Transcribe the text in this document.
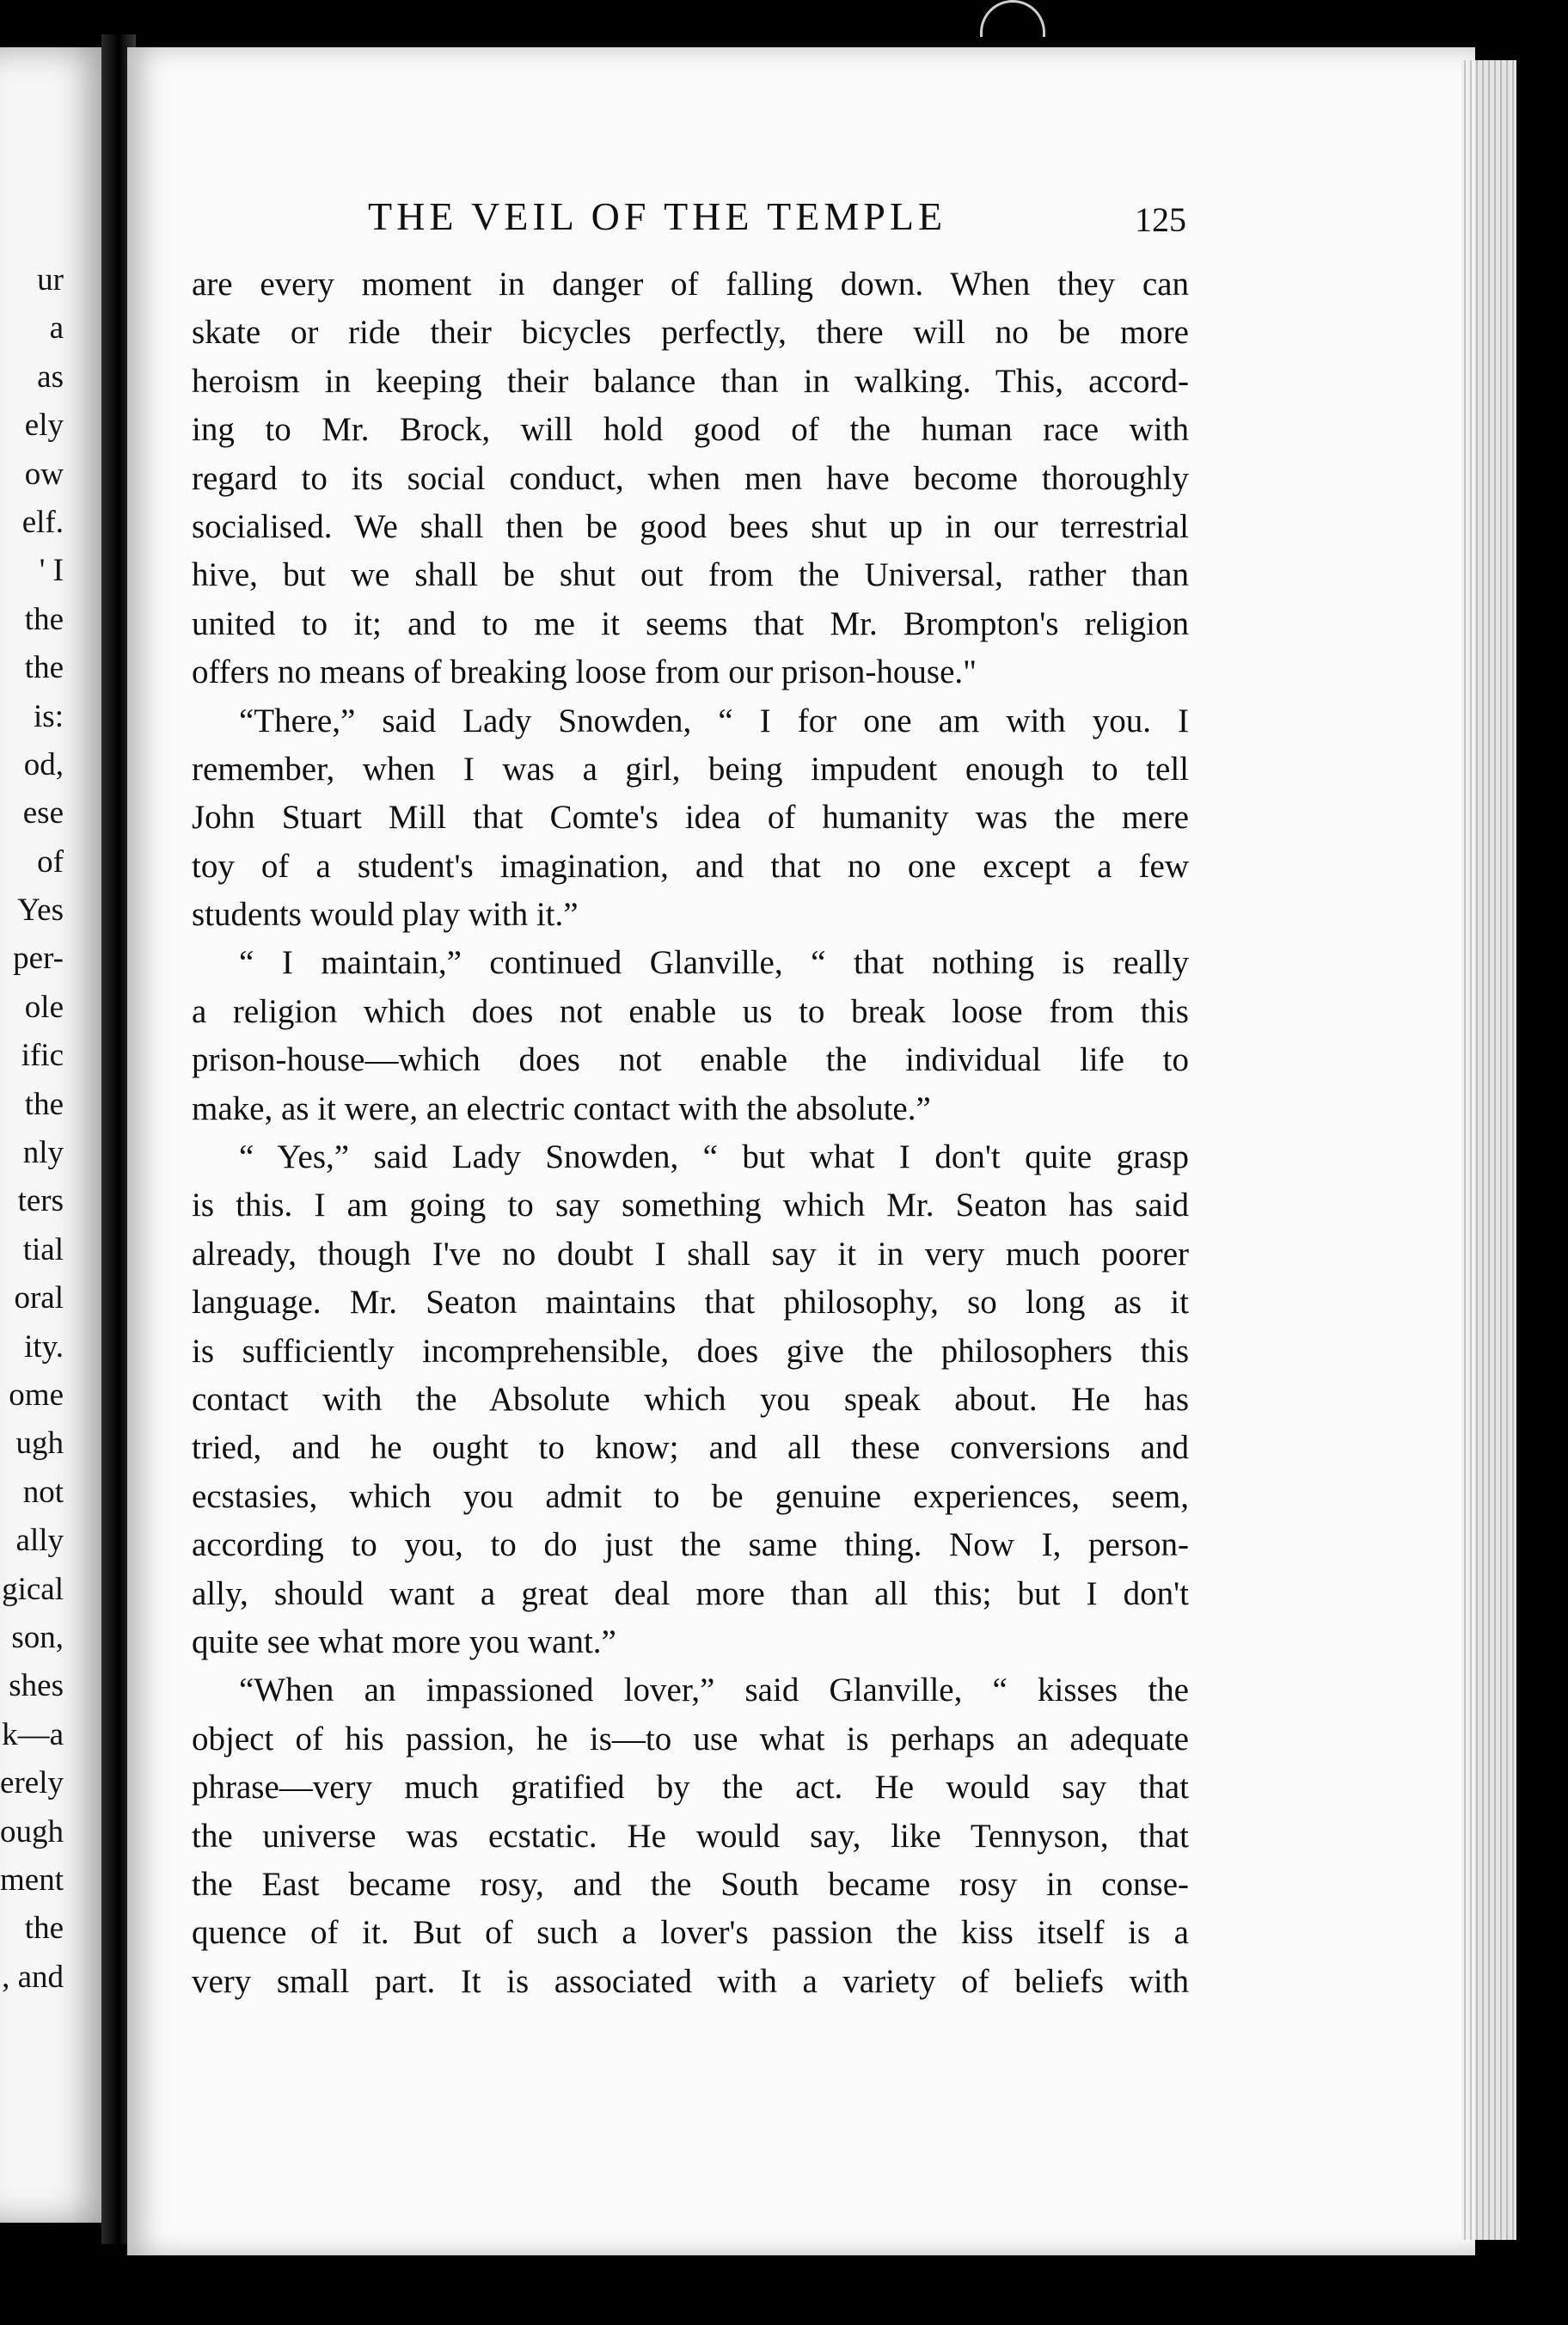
ur
a
as
ely
ow
elf.
' I
the
the
is:
od,
ese
of
Yes
per-
ole
ific
the
nly
ters
tial
oral
ity.
ome
ugh
not
ally
gical
son,
shes
k—a
erely
ough
ment
the
, and
THE VEIL OF THE TEMPLE	125
are every moment in danger of falling down. When they can
skate or ride their bicycles perfectly, there will no be more
heroism in keeping their balance than in walking. This, accord-
ing to Mr. Brock, will hold good of the human race with
regard to its social conduct, when men have become thoroughly
socialised. We shall then be good bees shut up in our terrestrial
hive, but we shall be shut out from the Universal, rather than
united to it; and to me it seems that Mr. Brompton's religion
offers no means of breaking loose from our prison-house."
“There,” said Lady Snowden, “ I for one am with you. I
remember, when I was a girl, being impudent enough to tell
John Stuart Mill that Comte's idea of humanity was the mere
toy of a student's imagination, and that no one except a few
students would play with it.”
“ I maintain,” continued Glanville, “ that nothing is really
a religion which does not enable us to break loose from this
prison-house—which does not enable the individual life to
make, as it were, an electric contact with the absolute.”
“ Yes,” said Lady Snowden, “ but what I don't quite grasp
is this. I am going to say something which Mr. Seaton has said
already, though I've no doubt I shall say it in very much poorer
language. Mr. Seaton maintains that philosophy, so long as it
is sufficiently incomprehensible, does give the philosophers this
contact with the Absolute which you speak about. He has
tried, and he ought to know; and all these conversions and
ecstasies, which you admit to be genuine experiences, seem,
according to you, to do just the same thing. Now I, person-
ally, should want a great deal more than all this; but I don't
quite see what more you want.”
“When an impassioned lover,” said Glanville, “ kisses the
object of his passion, he is—to use what is perhaps an adequate
phrase—very much gratified by the act. He would say that
the universe was ecstatic. He would say, like Tennyson, that
the East became rosy, and the South became rosy in conse-
quence of it. But of such a lover's passion the kiss itself is a
very small part. It is associated with a variety of beliefs with
